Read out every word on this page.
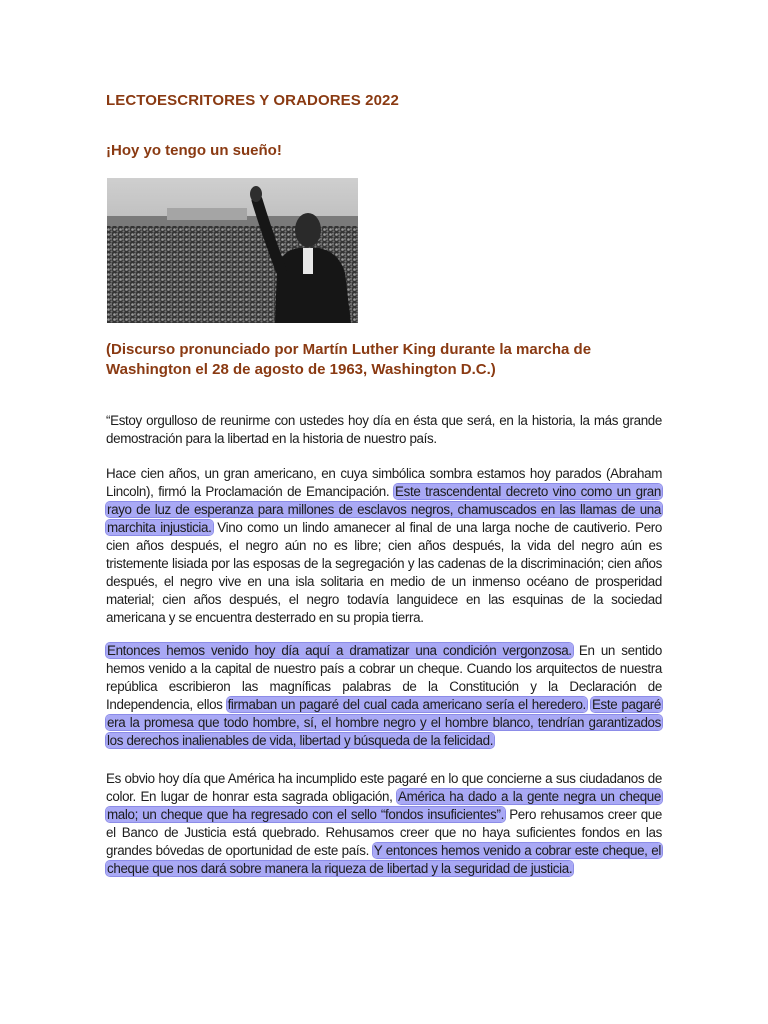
LECTOESCRITORES Y ORADORES 2022
¡Hoy yo tengo un sueño!

(Discurso pronunciado por Martín Luther King durante la marcha de Washington el 28 de agosto de 1963, Washington D.C.)

“Estoy orgulloso de reunirme con ustedes hoy día en ésta que será, en la historia, la más grande demostración para la libertad en la historia de nuestro país.

Hace cien años, un gran americano, en cuya simbólica sombra estamos hoy parados (Abraham Lincoln), firmó la Proclamación de Emancipación. Este trascendental decreto vino como un gran rayo de luz de esperanza para millones de esclavos negros, chamuscados en las llamas de una marchita injusticia. Vino como un lindo amanecer al final de una larga noche de cautiverio. Pero cien años después, el negro aún no es libre; cien años después, la vida del negro aún es tristemente lisiada por las esposas de la segregación y las cadenas de la discriminación; cien años después, el negro vive en una isla solitaria en medio de un inmenso océano de prosperidad material; cien años después, el negro todavía languidece en las esquinas de la sociedad americana y se encuentra desterrado en su propia tierra.

Entonces hemos venido hoy día aquí a dramatizar una condición vergonzosa. En un sentido hemos venido a la capital de nuestro país a cobrar un cheque. Cuando los arquitectos de nuestra república escribieron las magníficas palabras de la Constitución y la Declaración de Independencia, ellos firmaban un pagaré del cual cada americano sería el heredero. Este pagaré era la promesa que todo hombre, sí, el hombre negro y el hombre blanco, tendrían garantizados los derechos inalienables de vida, libertad y búsqueda de la felicidad.

Es obvio hoy día que América ha incumplido este pagaré en lo que concierne a sus ciudadanos de color. En lugar de honrar esta sagrada obligación, América ha dado a la gente negra un cheque malo; un cheque que ha regresado con el sello “fondos insuficientes”. Pero rehusamos creer que el Banco de Justicia está quebrado. Rehusamos creer que no haya suficientes fondos en las grandes bóvedas de oportunidad de este país. Y entonces hemos venido a cobrar este cheque, el cheque que nos dará sobre manera la riqueza de libertad y la seguridad de justicia.
